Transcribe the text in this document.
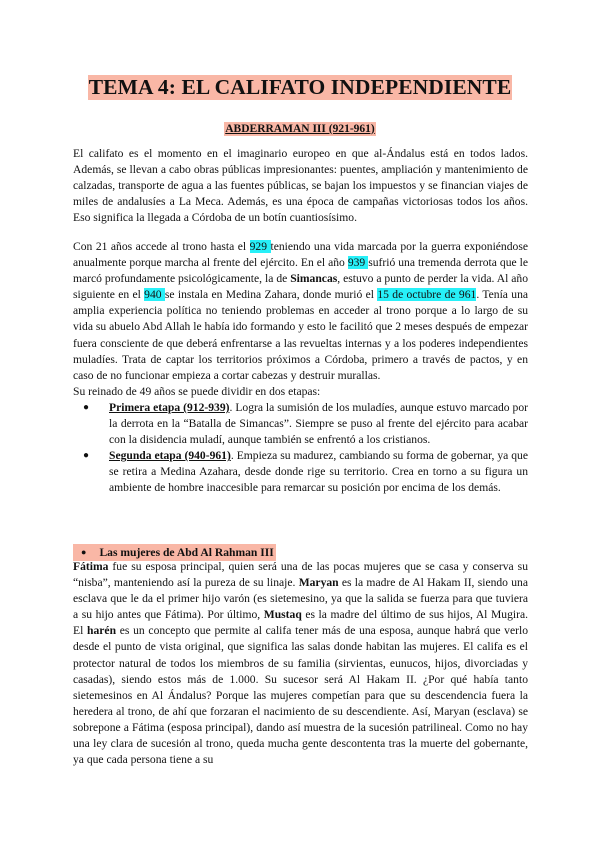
TEMA 4: EL CALIFATO INDEPENDIENTE
ABDERRAMAN III (921-961)

El califato es el momento en el imaginario europeo en que al-Ándalus está en todos lados. Además, se llevan a cabo obras públicas impresionantes: puentes, ampliación y mantenimiento de calzadas, transporte de agua a las fuentes públicas, se bajan los impuestos y se financian viajes de miles de andalusíes a La Meca. Además, es una época de campañas victoriosas todos los años. Eso significa la llegada a Córdoba de un botín cuantiosísimo.

Con 21 años accede al trono hasta el 929 teniendo una vida marcada por la guerra exponiéndose anualmente porque marcha al frente del ejército. En el año 939 sufrió una tremenda derrota que le marcó profundamente psicológicamente, la de Simancas, estuvo a punto de perder la vida. Al año siguiente en el 940 se instala en Medina Zahara, donde murió el 15 de octubre de 961. Tenía una amplia experiencia política no teniendo problemas en acceder al trono porque a lo largo de su vida su abuelo Abd Allah le había ido formando y esto le facilitó que 2 meses después de empezar fuera consciente de que deberá enfrentarse a las revueltas internas y a los poderes independientes muladíes. Trata de captar los territorios próximos a Córdoba, primero a través de pactos, y en caso de no funcionar empieza a cortar cabezas y destruir murallas.

Su reinado de 49 años se puede dividir en dos etapas:

● Primera etapa (912-939). Logra la sumisión de los muladíes, aunque estuvo marcado por la derrota en la “Batalla de Simancas”. Siempre se puso al frente del ejército para acabar con la disidencia muladí, aunque también se enfrentó a los cristianos.
● Segunda etapa (940-961). Empieza su madurez, cambiando su forma de gobernar, ya que se retira a Medina Azahara, desde donde rige su territorio. Crea en torno a su figura un ambiente de hombre inaccesible para remarcar su posición por encima de los demás.
● Las mujeres de Abd Al Rahman III

Fátima fue su esposa principal, quien será una de las pocas mujeres que se casa y conserva su “nisba”, manteniendo así la pureza de su linaje. Maryan es la madre de Al Hakam II, siendo una esclava que le da el primer hijo varón (es sietemesino, ya que la salida se fuerza para que tuviera a su hijo antes que Fátima). Por último, Mustaq es la madre del último de sus hijos, Al Mugira. El harén es un concepto que permite al califa tener más de una esposa, aunque habrá que verlo desde el punto de vista original, que significa las salas donde habitan las mujeres. El califa es el protector natural de todos los miembros de su familia (sirvientas, eunucos, hijos, divorciadas y casadas), siendo estos más de 1.000. Su sucesor será Al Hakam II. ¿Por qué había tanto sietemesinos en Al Ándalus? Porque las mujeres competían para que su descendencia fuera la heredera al trono, de ahí que forzaran el nacimiento de su descendiente. Así, Maryan (esclava) se sobrepone a Fátima (esposa principal), dando así muestra de la sucesión patrilineal. Como no hay una ley clara de sucesión al trono, queda mucha gente descontenta tras la muerte del gobernante, ya que cada persona tiene a su
